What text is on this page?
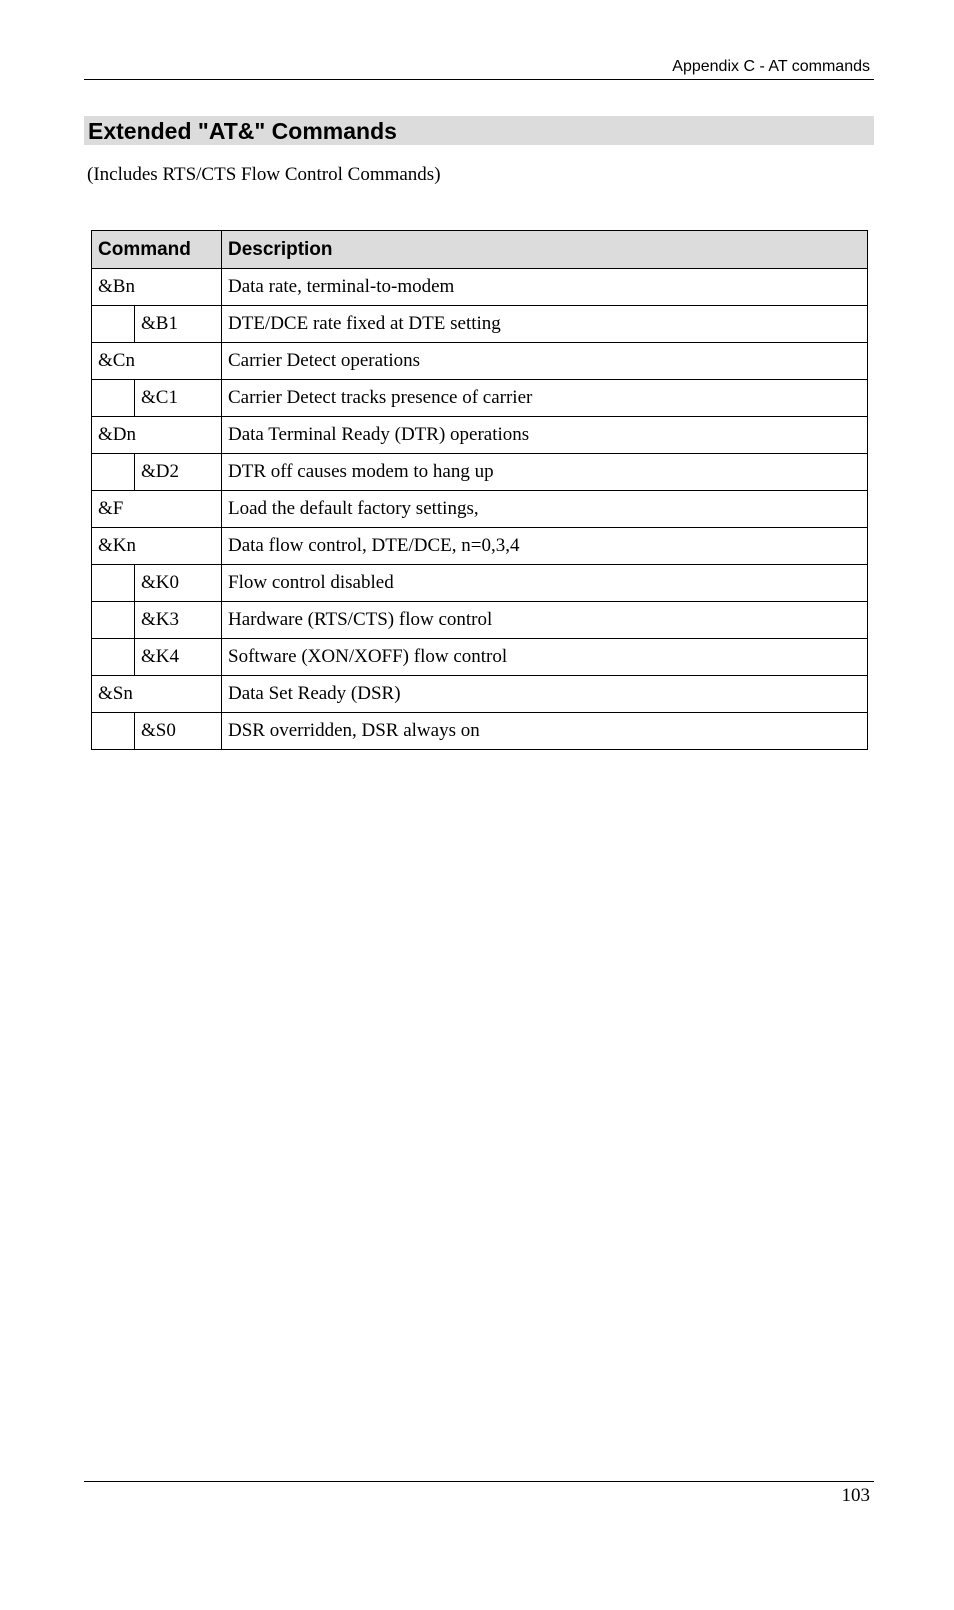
Appendix C - AT commands
Extended "AT&" Commands
(Includes RTS/CTS Flow Control Commands)
Command		Description
&Bn		Data rate, terminal-to-modem
	&B1	DTE/DCE rate fixed at DTE setting
&Cn		Carrier Detect operations
	&C1	Carrier Detect tracks presence of carrier
&Dn		Data Terminal Ready (DTR) operations
	&D2	DTR off causes modem to hang up
&F		Load the default factory settings,
&Kn		Data flow control, DTE/DCE, n=0,3,4
	&K0	Flow control disabled
	&K3	Hardware (RTS/CTS) flow control
	&K4	Software (XON/XOFF) flow control
&Sn		Data Set Ready (DSR)
	&S0	DSR overridden, DSR always on
103
